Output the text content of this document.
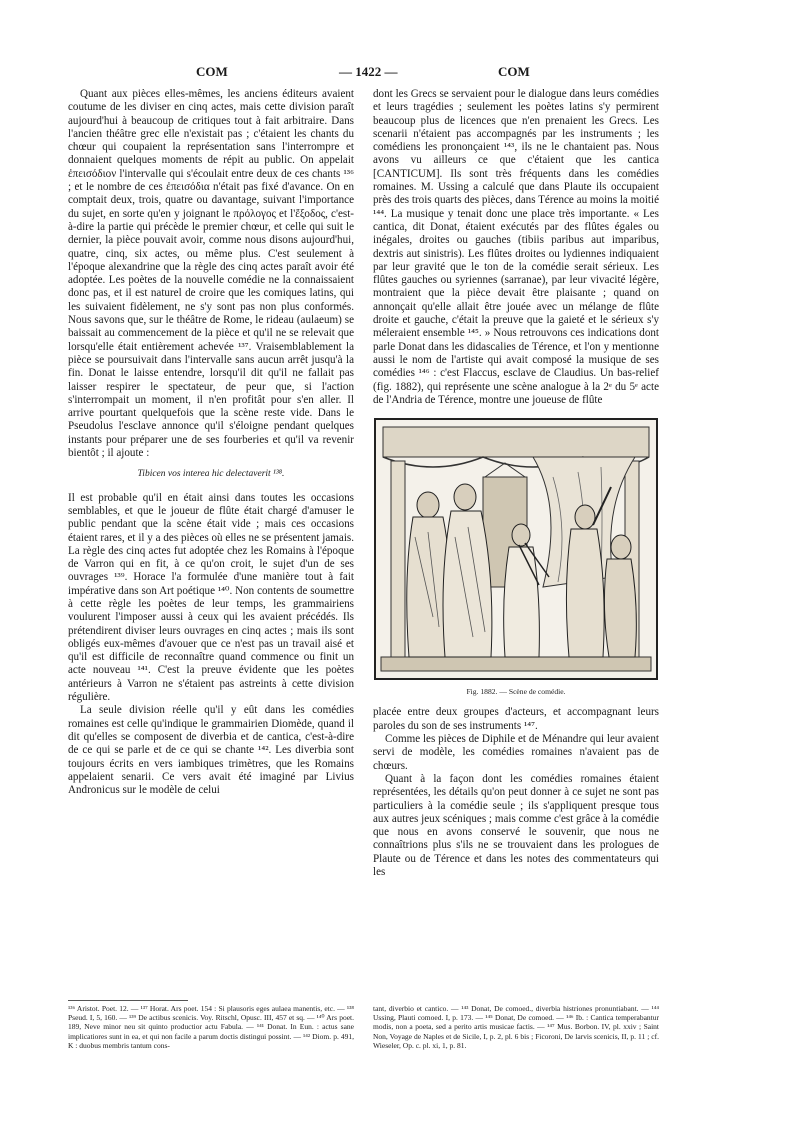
COM	— 1422 —	COM

Quant aux pièces elles-mêmes, les anciens éditeurs avaient coutume de les diviser en cinq actes, mais cette division paraît aujourd'hui à beaucoup de critiques tout à fait arbitraire. Dans l'ancien théâtre grec elle n'existait pas ; c'étaient les chants du chœur qui coupaient la représentation sans l'interrompre et donnaient quelques moments de répit au public. On appelait ἐπεισόδιον l'intervalle qui s'écoulait entre deux de ces chants ¹³⁶ ; et le nombre de ces ἐπεισόδια n'était pas fixé d'avance. On en comptait deux, trois, quatre ou davantage, suivant l'importance du sujet, en sorte qu'en y joignant le πρόλογος et l'ἔξοδος, c'est-à-dire la partie qui précède le premier chœur, et celle qui suit le dernier, la pièce pouvait avoir, comme nous disons aujourd'hui, quatre, cinq, six actes, ou même plus. C'est seulement à l'époque alexandrine que la règle des cinq actes paraît avoir été adoptée. Les poètes de la nouvelle comédie ne la connaissaient donc pas, et il est naturel de croire que les comiques latins, qui les suivaient fidèlement, ne s'y sont pas non plus conformés. Nous savons que, sur le théâtre de Rome, le rideau (aulaeum) se baissait au commencement de la pièce et qu'il ne se relevait que lorsqu'elle était entièrement achevée ¹³⁷. Vraisemblablement la pièce se poursuivait dans l'intervalle sans aucun arrêt jusqu'à la fin. Donat le laisse entendre, lorsqu'il dit qu'il ne fallait pas laisser respirer le spectateur, de peur que, si l'action s'interrompait un moment, il n'en profitât pour s'en aller. Il arrive pourtant quelquefois que la scène reste vide. Dans le Pseudolus l'esclave annonce qu'il s'éloigne pendant quelques instants pour préparer une de ses fourberies et qu'il va revenir bientôt ; il ajoute :

Tibicen vos interea hic delectaverit ¹³⁸.

Il est probable qu'il en était ainsi dans toutes les occasions semblables, et que le joueur de flûte était chargé d'amuser le public pendant que la scène était vide ; mais ces occasions étaient rares, et il y a des pièces où elles ne se présentent jamais. La règle des cinq actes fut adoptée chez les Romains à l'époque de Varron qui en fit, à ce qu'on croit, le sujet d'un de ses ouvrages ¹³⁹. Horace l'a formulée d'une manière tout à fait impérative dans son Art poétique ¹⁴⁰. Non contents de soumettre à cette règle les poètes de leur temps, les grammairiens voulurent l'imposer aussi à ceux qui les avaient précédés. Ils prétendirent diviser leurs ouvrages en cinq actes ; mais ils sont obligés eux-mêmes d'avouer que ce n'est pas un travail aisé et qu'il est difficile de reconnaître quand commence ou finit un acte nouveau ¹⁴¹. C'est la preuve évidente que les poètes antérieurs à Varron ne s'étaient pas astreints à cette division régulière.

La seule division réelle qu'il y eût dans les comédies romaines est celle qu'indique le grammairien Diomède, quand il dit qu'elles se composent de diverbia et de cantica, c'est-à-dire de ce qui se parle et de ce qui se chante ¹⁴². Les diverbia sont toujours écrits en vers iambiques trimètres, que les Romains appelaient senarii. Ce vers avait été imaginé par Livius Andronicus sur le modèle de celui

dont les Grecs se servaient pour le dialogue dans leurs comédies et leurs tragédies ; seulement les poètes latins s'y permirent beaucoup plus de licences que n'en prenaient les Grecs. Les scenarii n'étaient pas accompagnés par les instruments ; les comédiens les prononçaient ¹⁴³, ils ne le chantaient pas. Nous avons vu ailleurs ce que c'étaient que les cantica [CANTICUM]. Ils sont très fréquents dans les comédies romaines. M. Ussing a calculé que dans Plaute ils occupaient près des trois quarts des pièces, dans Térence au moins la moitié ¹⁴⁴. La musique y tenait donc une place très importante. « Les cantica, dit Donat, étaient exécutés par des flûtes égales ou inégales, droites ou gauches (tibiis paribus aut imparibus, dextris aut sinistris). Les flûtes droites ou lydiennes indiquaient par leur gravité que le ton de la comédie serait sérieux. Les flûtes gauches ou syriennes (sarranae), par leur vivacité légère, montraient que la pièce devait être plaisante ; quand on annonçait qu'elle allait être jouée avec un mélange de flûte droite et gauche, c'était la preuve que la gaieté et le sérieux s'y méleraient ensemble ¹⁴⁵. » Nous retrouvons ces indications dont parle Donat dans les didascalies de Térence, et l'on y mentionne aussi le nom de l'artiste qui avait composé la musique de ses comédies ¹⁴⁶ : c'est Flaccus, esclave de Claudius. Un bas-relief (fig. 1882), qui représente une scène analogue à la 2ᵉ du 5ᵉ acte de l'Andria de Térence, montre une joueuse de flûte

Fig. 1882. — Scène de comédie.

placée entre deux groupes d'acteurs, et accompagnant leurs paroles du son de ses instruments ¹⁴⁷.

Comme les pièces de Diphile et de Ménandre qui leur avaient servi de modèle, les comédies romaines n'avaient pas de chœurs.

Quant à la façon dont les comédies romaines étaient représentées, les détails qu'on peut donner à ce sujet ne sont pas particuliers à la comédie seule ; ils s'appliquent presque tous aux autres jeux scéniques ; mais comme c'est grâce à la comédie que nous en avons conservé le souvenir, que nous ne connaîtrions plus s'ils ne se trouvaient dans les prologues de Plaute ou de Térence et dans les notes des commentateurs qui les

¹³⁶ Aristot. Poet. 12. — ¹³⁷ Horat. Ars poet. 154 : Si plausoris eges aulaea manentis, etc. — ¹³⁸ Pseud. I, 5, 160. — ¹³⁹ De actibus scenicis. Voy. Ritschl, Opusc. III, 457 et sq. — ¹⁴⁰ Ars poet. 189, Neve minor neu sit quinto productior actu Fabula. — ¹⁴¹ Donat. In Eun. : actus sane implicatiores sunt in ea, et qui non facile a parum doctis distingui possint. — ¹⁴² Diom. p. 491, K : duobus membris tantum cons-

tant, diverbio et cantico. — ¹⁴³ Donat, De comoed., diverbia histriones pronuntiabant. — ¹⁴⁴ Ussing, Plauti comoed. I, p. 173. — ¹⁴⁵ Donat, De comoed. — ¹⁴⁶ Ib. : Cantica temperabantur modis, non a poeta, sed a perito artis musicae factis. — ¹⁴⁷ Mus. Borbon. IV, pl. xxiv ; Saint Non, Voyage de Naples et de Sicile, I, p. 2, pl. 6 bis ; Ficoroni, De larvis scenicis, II, p. 11 ; cf. Wieseler, Op. c. pl. xi, 1, p. 81.
